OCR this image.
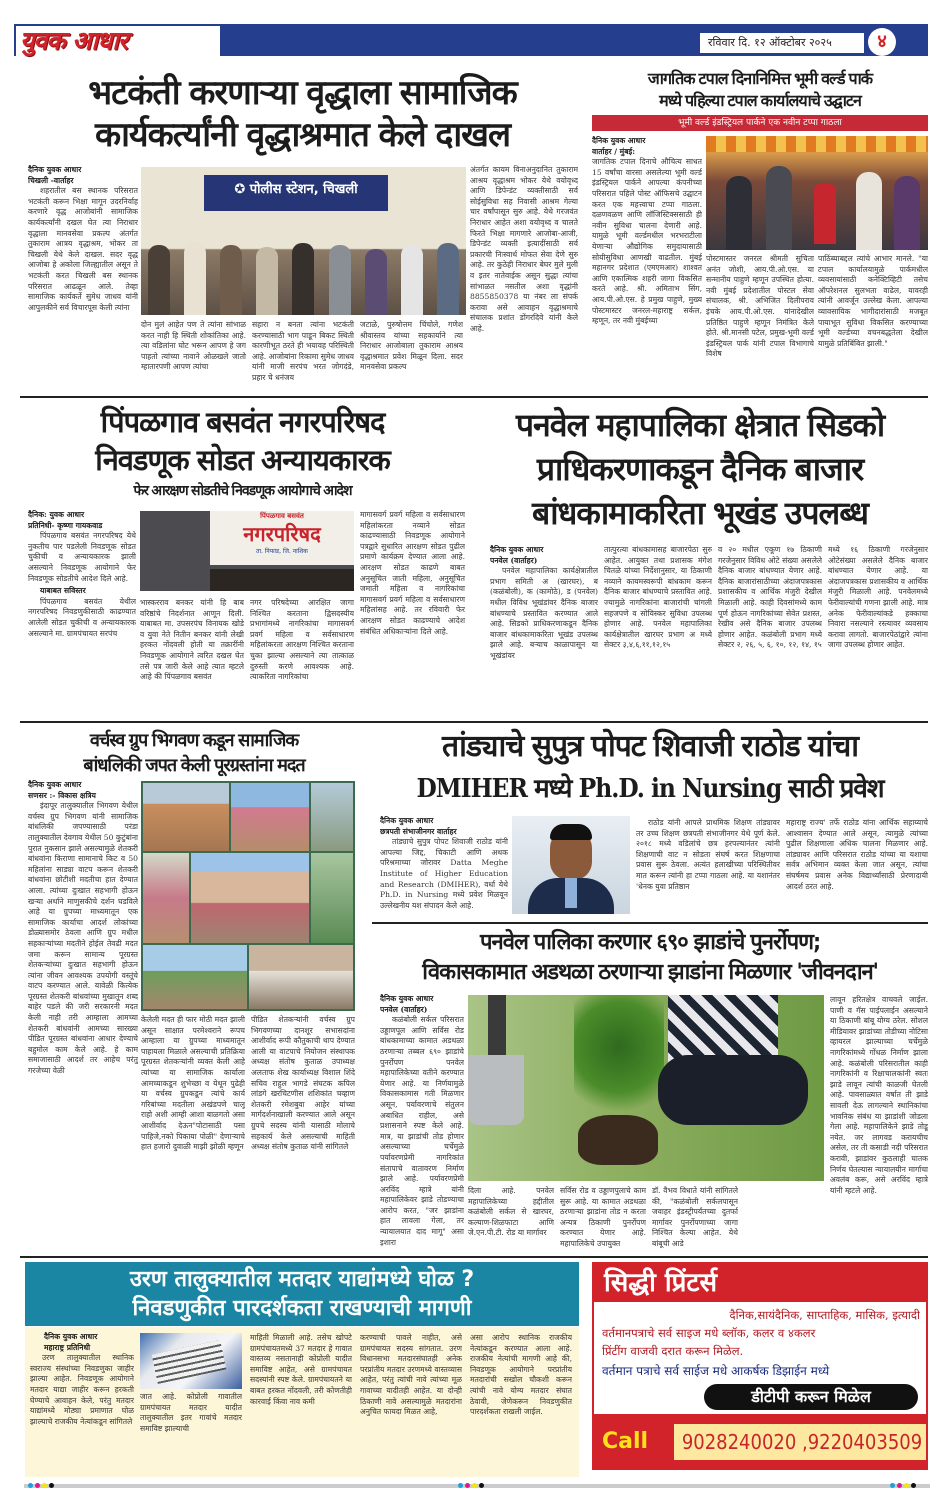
युवक आधार	रविवार दि. १२ ऑक्टोबर २०२५	४
भटकंती करणाऱ्या वृद्धाला सामाजिक
कार्यकर्त्यांनी वृद्धाश्रमात केले दाखल
दैनिक युवक आधार
चिखली -वार्ताहर
शहरातील बस स्थानक परिसरात भटकंती करून भिक्षा मागून उदरनिर्वाह करणारे वृद्ध आजोबांनी सामाजिक कार्यकर्त्यांनी दखल घेत त्या निराधार वृद्धाला मानवसेवा प्रकल्प अंतर्गत तुकाराम आत्रय वृद्धाश्रम, भोकर ता चिखली येथे केले दाखल. सदर वृद्ध आजोबा हे अकोला जिल्ह्यातील असून ते भटकंती करत चिखली बस स्थानक परिसरात आढळून आले. तेव्हा सामाजिक कार्यकर्ते सुमेध जाधव यांनी आपुलकीने सर्व विचारपूस केली त्यांना
✪ पोलीस स्टेशन, चिखली
दोन मुलं आहेत पण ते त्यांना सांभाळ करत नाही हि स्थिती शोकांतिका आहे. त्या वडिलांना घोट भरून आपण हे जग पाहतो त्यांच्या नावाने ओळखले जातो म्हातारपणी आपण त्यांचा
सहारा न बनता त्यांना भटकंती करण्यासाठी भाग पाडून बिकट स्थिती कारणीभूत ठरते ही भयावह परिस्थिती आहे. आजोबांना रिकामा सुमेध जाधव यांनी माजी सरपंच भरत जोगदंडे, प्रहार चे धनंजय
जटाळे, पुरुषोत्तम चिंचोले, गणेश श्रीवास्तव यांच्या सहकार्याने त्या निराधार आजोबाला तुकाराम आश्रय वृद्धाश्रमात प्रवेश मिळून दिला. सदर मानवसेवा प्रकल्प
अंतर्गत कायम विनाअनुदानित तुकाराम आश्रय वृद्धाश्रम भोकर येथे वयोवृध्द आणि डिपेन्डंट व्यक्तीसाठी सर्व सोईसुविधा सह निवासी आश्रम गेल्या चार वर्षांपासून सुरु आहे. येथे गरजवंत निराधार आहेत अशा वयोवृध्द व चालते फिरते भिक्षा मागणारे आजोबा-आजी, डिपेन्डंट व्यक्ती इत्यादींसाठी सर्व प्रकारची निःस्वार्थ मोफत सेवा देणे सुरु आहे. तर कुठेही निराधार बेघर मुले मुली व इतर नातेवाईक असून सुद्धा त्यांचा सांभाळत नसतील अशा वृद्धांनी 8855850378 या नंबर ला संपर्क करावा असे आवाहन वृद्धाश्रमाचे संचालक प्रशांत डोंगरदिवे यांनी केले आहे.
जागतिक टपाल दिनानिमित्त भूमी वर्ल्ड पार्क
मध्ये पहिल्या टपाल कार्यालयाचे उद्घाटन
भूमी वर्ल्ड इंडस्ट्रियल पार्कने एक नवीन टप्पा गाठला
दैनिक युवक आधार
वार्ताहर / मुंबई:
जागतिक टपाल दिनाचे औचित्य साधत 15 वर्षांचा वारसा असलेल्या भूमी वर्ल्ड इंडस्ट्रियल पार्कने आपल्या कंपनीच्या परिसरात पहिले पोस्ट ऑफिसचे उद्घाटन करत एक महत्त्वाचा टप्पा गाठला. दळणवळण आणि लॉजिस्टिक्ससाठी ही नवीन सुविधा चालना देणारी आहे. यामुळे भूमी वर्ल्डमधील भरभराटीला येणाऱ्या औद्योगिक समुदायासाठी सोयीसुविधा आणखी वाढतील. मुंबई महानगर प्रदेशात (एमएमआर) शाश्वत आणि एकात्मिक शहरी जागा विकसित करते आहे. श्री. अमिताभ सिंग, आय.पी.ओ.एस. हे प्रमुख पाहुणे, मुख्य पोस्टमास्टर जनरल-महाराष्ट्र सर्कल, म्हणून, तर नवी मुंबईच्या
पोस्टमास्तर जनरल श्रीमती सुचिता अनंत जोशी, आय.पी.ओ.एस. या सन्मानीय पाहुणे म्हणून उपस्थित होत्या. नवी मुंबई प्रदेशातील पोस्टल सेवा संचालक, श्री. अभिजित दिलीपराव इंचके आय.पी.ओ.एस. यांनादेखील प्रतिष्ठित पाहुणे म्हणून निमंत्रित केले होते. श्री.मानसी पटेल, प्रमुख-भूमी वर्ल्ड इंडस्ट्रियल पार्क यांनी टपाल विभागाचे विशेष
पाठिंब्याबद्दल त्यांचे आभार मानले. "या टपाल कार्यालयामुळे पार्कमधील व्यवसायांसाठी कनेक्टिव्हिटी तसेच ऑपरेशनल सुलभता वाढेल, यावरही त्यांनी आवर्जून उल्लेख केला. आपल्या व्यावसायिक भागीदारांसाठी मजबूत पायाभूत सुविधा विकसित करण्याच्या भूमी वर्ल्डच्या वचनबद्धतेला देखील यामुळे प्रतिबिंबित झाली."
पिंपळगाव बसवंत नगरपरिषद
निवडणूक सोडत अन्यायकारक
फेर आरक्षण सोडतीचे निवडणूक आयोगाचे आदेश
दैनिक: युवक आधार
प्रतिनिधी- कृष्णा गायकवाड
पिंपळगाव बसवंत नगरपरिषद येथे नुकतीच पार पडलेली निवडणूक सोडत चुकीची व अन्यायकारक झाली असल्याने निवडणूक आयोगाने फेर निवडणूक सोडतीचे आदेश दिले आहे.
याबाबत सविस्तर
पिंपळगाव बसवंत येथील नगरपरिषद निवडणुकीसाठी काढण्यात आलेली सोडत चुकीची व अन्यायकारक असल्याने मा. ग्रामपंचायत सरपंच
पिंपळगाव बसवंत
नगरपरिषद
ता. निफाड, जि. नाशिक
भास्करराव बनकर यांनी हि बाब वरिष्ठांचे निदर्शनात आणून दिली. याबाबत मा. उपसरपंच विनायक खोडे व युवा नेते नितीन बनकर यांनी लेखी हरकत नोंदवली होती या तक्रारींनी निवडणूक आयोगाने त्वरित दखल घेत तसे पत्र जारी केले आहे त्यात म्हटले आहे की पिंपळगाव बसवंत
नगर परिषदेच्या आरक्षित जागा निश्चित करताना द्विसदस्यीय प्रभागांमध्ये नागरिकांचा मागासवर्ग प्रवर्ग महिला व सर्वसाधारण महिलांकरता आरक्षण निश्चित करताना चुका झाल्या असल्याने त्या तात्काळ दुरुस्ती करणे आवश्यक आहे. त्याकरिता नागरिकांचा
मागासवर्ग प्रवर्ग महिला व सर्वसाधारण महिलांकरता नव्याने सोडत काढण्यासाठी निवडणूक आयोगाने पत्रद्वारे सुधारित आरक्षण सोडत पुढील प्रमाणे कार्यक्रम देण्यात आला आहे. आरक्षण सोडत काढणे बाबत अनुसूचित जाती महिला, अनुसूचित जमाती महिला व नागरिकांचा मागासवर्ग प्रवर्ग महिला व सर्वसाधारण महिलांसह आहे. तर रविवारी फेर आरक्षण सोडत काढण्याचे आदेश संबंधित अधिकाऱ्यांना दिले आहे.
पनवेल महापालिका क्षेत्रात सिडको
प्राधिकरणाकडून दैनिक बाजार
बांधकामाकरिता भूखंड उपलब्ध
दैनिक युवक आधार
पनवेल (वार्ताहर)
पनवेल महापालिका कार्यक्षेत्रातील प्रभाग समिती अ (खारघर), ब (कळंबोली), क (कामोठे), ड (पनवेल) मधील विविध भूखंडांवर दैनिक बाजार बांधण्याचे प्रस्तावित करण्यात आले आहे. सिडको प्राधिकरणाकडून दैनिक बाजार बांधकामाकरिता भूखंड उपलब्ध झाले आहे. बऱ्याच काळापासून या भूखंडांवर
तात्पुरत्या बांधकामासह बाजारपेठा सुरु आहेत. आयुक्त तथा प्रशासक मंगेश चितळे यांच्या निर्देशानुसार, या ठिकाणी नव्याने कायमस्वरूपी बांधकाम करून दैनिक बाजार बांधण्याचे प्रस्तावित आहे. ज्यामुळे नागरिकांना बाजारांची चांगली सहजपणे व सोयिस्कर सुविधा उपलब्ध होणार आहे. पनवेल महापालिका कार्यक्षेत्रातील खारघर प्रभाग अ मध्ये सेक्टर ३,४,६,११,१२,१५
व २० मधील एकूण १७ ठिकाणी गरजेनुसार विविध ओटे संख्या असलेले दैनिक बाजार बांधण्यात येणार आहे. दैनिक बाजारांसाठीच्या अंदाजपत्रकास प्रशासकीय व आर्थिक मंजुरी देखील मिळाली आहे. काही दिवसांमध्ये काम पूर्ण होऊन नागरिकांच्या सेवेत प्रशस्त, रेखीव असे दैनिक बाजार उपलब्ध होणार आहेत. कळंबोली प्रभाग मध्ये सेक्टर २, २६, ५, ६, १०, १२, १४, १५
मध्ये १६ ठिकाणी गरजेनुसार ओटेसंख्या असलेले दैनिक बाजार बांधण्यात येणार आहे. या अंदाजपत्रकास प्रशासकीय व आर्थिक मंजुरी मिळाली आहे. पनवेलमध्ये फेरीवाल्यांची गणना झाली आहे. मात्र अनेक फेरीवाल्यांकडे हक्काचा निवारा नसल्याने रस्त्यावर व्यवसाय करावा लागतो. बाजारपेठांद्वारे त्यांना जागा उपलब्ध होणार आहेत.
वर्चस्व ग्रुप भिगवण कडून सामाजिक
बांधलिकी जपत केली पूरग्रस्तांना मदत
दैनिक युवक आधार
सणसर :- विकास क्षत्रिय
इंदापूर तालुक्यातील भिगवण येथील वर्चस्व ग्रुप भिगवण यांनी सामाजिक बांधलिकी जपण्यासाठी परंडा तालुक्यातील देवगाव येथील 50 कुटुंबांना पुरात नुकसान झाले असल्यामुळे शेतकरी बांधवांना किराणा सामानाचे किट व 50 महिलांना साड्या वाटप करून शेतकरी बांधवांना छोटीशी मदतीचा हात देण्यात आला. त्यांच्या दुःखात सहभागी होऊन खऱ्या अर्थाने माणुसकीचे दर्शन घडविले आहे या ग्रुपच्या माध्यमातून एक सामाजिक कार्याचा आदर्श लोकांच्या डोळ्यासमोर ठेवला आणि ग्रुप मधील सहकाऱ्यांच्या मदतीने होईल तेवढी मदत जमा करून सामान्य पूरग्रस्त शेतकऱ्यांच्या दुःखात सहभागी होऊन त्यांना जीवन आवश्यक उपयोगी वस्तूंचे वाटप करण्यात आले. यावेळी कित्येक पूरग्रस्त शेतकरी बांधवांच्या मुखातून शब्द बाहेर पडले की जरी सरकारनी मदत केली नाही तरी आम्हाला आमच्या शेतकरी बांधवांनी आमच्या सारख्या पीडित पूरग्रस्त बांधवांना आधार देण्याचे बहुमोल काम केले आहे. हे काम समाजासाठी आदर्श तर आहेच परंतु गरजेच्या वेळी
केलेली मदत ही फार मोठी मदत झाली असून साक्षात परमेश्वराने रूपच आम्हाला या ग्रुपच्या माध्यमातून पाहायला मिळाले असल्याची प्रतिक्रिया पूरग्रस्त शेतकऱ्यांनी व्यक्त केली आहे त्यांच्या या सामाजिक कार्याला आमच्याकडून शुभेच्छा व येथून पुढेही या वर्चस्व ग्रुपकडून त्यांचे कार्य गरिबांच्या मदतीला अखंडपणे चालू राहो अशी आम्ही आशा बाळगतो असा आशीर्वाद देऊन"पोटासाठी पसा पाहिजे,नको पिकाया पोळी" देणाऱ्याचे हात हजारो दुवाळी माझी झोळी म्हणून
पीडित शेतकऱ्यांनी वर्चस्व ग्रुप भिगवणच्या दानशूर सभासदांना आशीर्वाद रूपी कौतुकाची थाप देण्यात आली या वाटपाचे नियोजन संस्थापक अध्यक्ष संतोष कुताळ उपाध्यक्ष अलताफ शेख कार्याध्यक्ष विशाल शिंदे सचिव राहुल भागडे संघटक कपिल लांडगे खरचिटणीस शशिकांत चव्हाण शेतकरी रमेशबुवा आहेर यांच्या मार्गदर्शनाखाली करण्यात आले असून ग्रुपचे सदस्य यांनी यासाठी मोलाचे सहकार्य केले असल्याची माहिती अध्यक्ष संतोष कुताळ यांनी सांगितले
तांड्याचे सुपुत्र पोपट शिवाजी राठोड यांचा
DMIHER मध्ये Ph.D. in Nursing साठी प्रवेश
दैनिक युवक आधार
छत्रपती संभाजीनगर वार्ताहर
तांड्याचे सुपुत्र पोपट शिवाजी राठोड यांनी आपल्या जिद्द, चिकाटी आणि अथक परिश्रमाच्या जोरावर Datta Meghe Institute of Higher Education and Research (DMIHER), वर्धा येथे Ph.D. in Nursing मध्ये प्रवेश मिळवून उल्लेखनीय यश संपादन केले आहे.
राठोड यांनी आपले प्राथमिक शिक्षण तांड्यावर तर उच्च शिक्षण छत्रपती संभाजीनगर येथे पूर्ण केले. २०१८ मध्ये वडिलांचे छत्र हरपल्यानंतर त्यांनी शिक्षणाची वाट न सोडता संघर्ष करत शिक्षणाचा प्रवास सुरू ठेवला. अत्यंत हलाखीच्या परिस्थितीवर मात करून त्यांनी हा टप्पा गाठला आहे. या यशानंतर 'धेनक युवा प्रतिष्ठान
महाराष्ट्र राज्य' तर्फे राठोड यांना आर्थिक सहाय्याचे आश्वासन देण्यात आले असून, त्यामुळे त्यांच्या पुढील शिक्षणाला अधिक चालना मिळणार आहे. तांड्यावर आणि परिसरात राठोड यांच्या या यशाचा सर्वत्र अभिमान व्यक्त केला जात असून, त्यांचा संघर्षमय प्रवास अनेक विद्यार्थ्यांसाठी प्रेरणादायी आदर्श ठरत आहे.
पनवेल पालिका करणार ६९० झाडांचे पुनर्रोपण;
विकासकामात अडथळा ठरणाऱ्या झाडांना मिळणार 'जीवनदान'
दैनिक युवक आधार
पनवेल (वार्ताहर)
कळंबोली सर्कल परिसरात उड्डाणपूल आणि सर्विस रोड बांधकामाच्या कामात अडथळा ठरणाऱ्या तब्बल ६९० झाडांचे पुनर्रोपण पनवेल महापालिकेच्या वतीने करण्यात येणार आहे. या निर्णयामुळे विकासकामास गती मिळणार असून, पर्यावरणाचे संतुलन अबाधित राहील, असे प्रशासनाने स्पष्ट केले आहे. मात्र, या झाडांची तोड होणार असल्याच्या चर्चेमुळे पर्यावरणप्रेमी नागरिकांत संतापाचे वातावरण निर्माण झाले आहे. पर्यावरणप्रेमी अरविंद म्हात्रे यांनी महापालिकेवर झाडे तोडण्याचा आरोप करत, "जर झाडांना हात लावला गेला, तर न्यायालयात दाद मागू" असा इशारा
दिला आहे. पनवेल महापालिकेच्या हद्दीतील कळंबोली सर्कल से खारघर, कल्याण-शिळफाटा आणि जे.एन.पी.टी. रोड या मार्गावर
सर्विस रोड व उड्डाणपुलाचे काम सुरू आहे. या कामात अडथळा ठरणाऱ्या झाडांना तोड न करता अन्यत्र ठिकाणी पुनर्रोपण करण्यात येणार आहे. महापालिकेचे उपायुक्त
डॉ. वैभव विधाते यांनी सांगितले की, "कळंबोली सर्कलपासून जवाहर इंडस्ट्रीपर्यंतच्या दुतर्फा मार्गावर पुनर्रोपणाच्या जागा निश्चित केल्या आहेत. येथे बांबूची आडे
लावून हरितक्षेत्र वाचवले जाईल. पाणी व गॅस पाईपलाईन असल्याने या ठिकाणी बांबू योग्य ठरेल. सोशल मीडियावर झाडांच्या तोडीच्या नोटिसा व्हायरल झाल्याच्या चर्चेमुळे नागरिकांमध्ये गोंधळ निर्माण झाला आहे. कळंबोली परिसरातील काही नागरिकांनी व रिक्षाचालकांनी स्वतः झाडे लावून त्यांची काळजी घेतली आहे. पावसाळ्यात वर्षात ती झाडे सावली देऊ लागल्याने स्थानिकांचा भावनिक संबंध या झाडांशी जोडला गेला आहे. महापालिकेने झाडे तोडू नयेत. जर लागवड करायचीच असेल, तर ती कसाडी नदी परिसरात करावी, झाडांवर कुठलाही घातक निर्णय घेतल्यास न्यायालयीन मार्गाचा अवलंब करू, असे अरविंद म्हात्रे यांनी म्हटले आहे.
उरण तालुक्यातील मतदार याद्यांमध्ये घोळ ?
निवडणुकीत पारदर्शकता राखण्याची मागणी
दैनिक युवक आधार
महाराष्ट्र प्रतिनिधी
उरण तालुक्यातील स्थानिक स्वराज्य संस्थांच्या निवडणुका जाहीर झाल्या आहेत. निवडणूक आयोगाने मतदार याद्या जाहीर करून हरकती घेण्याचे आवाहन केले, परंतु मतदार याद्यांमध्ये मोठ्या प्रमाणात घोळ झाल्याचे राजकीय नेत्यांकडून सांगितले
जात आहे. कोप्रोली गावातील ग्रामपंचायत मतदार यादीत तालुक्यातील इतर गावांचे मतदार समाविष्ट झाल्याची
माहिती मिळाली आहे. तसेच खोपटे ग्रामपंचायतमध्ये 37 मतदार हे गावात वास्तव्य नसतानाही कोप्रोली यादीत समाविष्ट आहेत, असे ग्रामपंचायत सदस्यांनी स्पष्ट केले. ग्रामपंचायतने या बाबत हरकत नोंदवली, तरी कोणतीही कारवाई किंवा नाव कमी
करण्याची पावले नाहीत, असे ग्रामपंचायत सदस्य सांगतात. उरण विधानसभा मतदारसंघातही अनेक परप्रांतीय मतदार उरणमध्ये वास्तव्यास आहेत, परंतु त्यांची नावे त्यांच्या मूळ गावाच्या यादीतही आहेत. या दोन्ही ठिकाणी नावे असल्यामुळे मतदारांना अनुचित फायदा मिळत आहे,
असा आरोप स्थानिक राजकीय नेत्यांकडून करण्यात आला आहे. राजकीय नेत्यांची मागणी आहे की, निवडणूक आयोगाने परप्रांतीय मतदारांची सखोल चौकशी करून त्यांची नावे योग्य मतदार संघात ठेवावी, जेणेकरून निवडणुकीत पारदर्शकता राखली जाईल.
सिद्धी प्रिंटर्स
दैनिक,सायंदैनिक, साप्ताहिक, मासिक, इत्यादी
वर्तमानपत्राचे सर्व साइज मधे ब्लॉक, कलर व ४कलर
प्रिंटींग वाजवी दरात करून मिळेल.
वर्तमान पत्राचे सर्व साईज मधे आकर्षक डिझाईन मध्ये
डीटीपी करून मिळेल
Call 9028240020 ,9220403509
